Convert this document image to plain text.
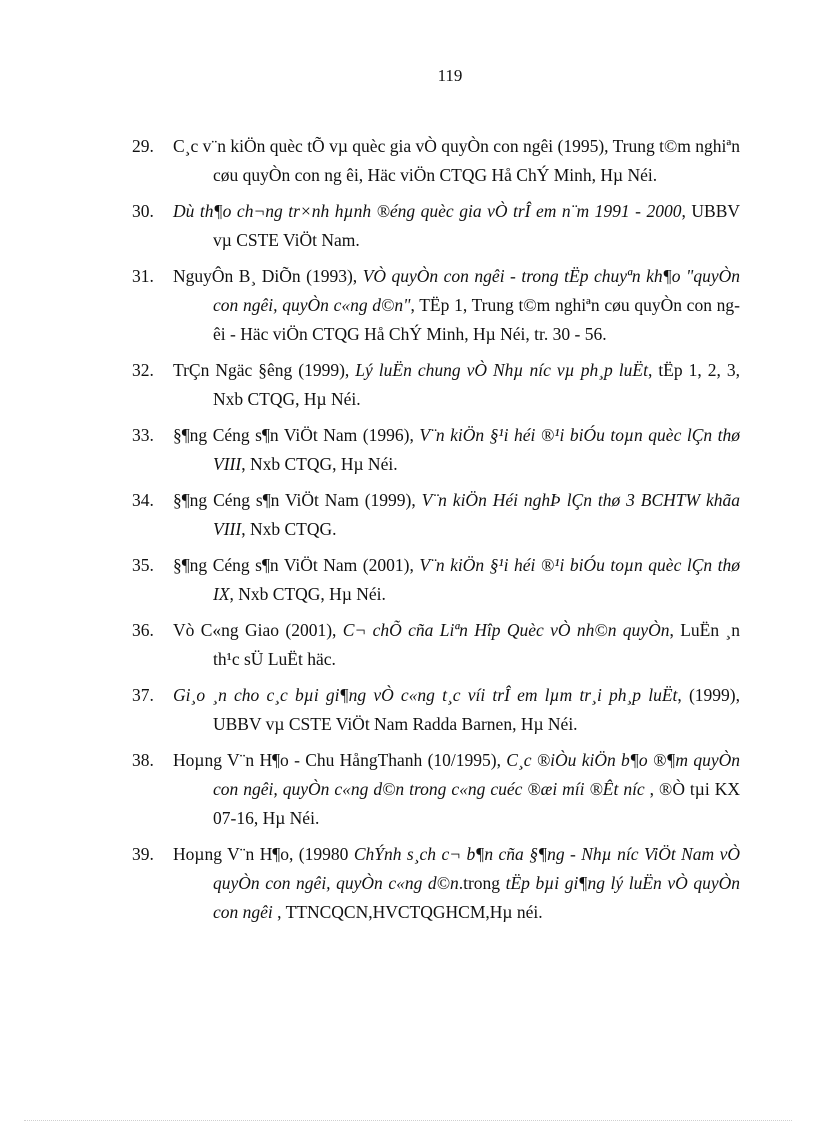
119
29.	C¸c v¨n kiÖn quèc tÕ vµ quèc gia vÒ quyÒn con ngêi (1995), Trung t©m nghiªn cøu quyÒn con ng êi, Häc viÖn CTQG Hå ChÝ Minh, Hµ Néi.
30.	Dù th¶o ch¬ng tr×nh hµnh ®éng quèc gia vÒ trÎ em n¨m 1991 - 2000, UBBV vµ CSTE ViÖt Nam.
31.	NguyÔn B¸ DiÕn (1993), VÒ quyÒn con ngêi - trong tËp chuyªn kh¶o "quyÒn con ngêi, quyÒn c«ng d©n", TËp 1, Trung t©m nghiªn cøu quyÒn con ng êi - Häc viÖn CTQG Hå ChÝ Minh, Hµ Néi, tr. 30 - 56.
32.	TrÇn Ngäc §êng (1999), Lý luËn chung vÒ Nhµ níc vµ ph¸p luËt, tËp 1, 2, 3, Nxb CTQG, Hµ Néi.
33.	§¶ng Céng s¶n ViÖt Nam (1996), V¨n kiÖn §¹i héi ®¹i biÓu toµn quèc lÇn thø VIII, Nxb CTQG, Hµ Néi.
34.	§¶ng Céng s¶n ViÖt Nam (1999), V¨n kiÖn Héi nghÞ lÇn thø 3 BCHTW khãa VIII, Nxb CTQG.
35.	§¶ng Céng s¶n ViÖt Nam (2001), V¨n kiÖn §¹i héi ®¹i biÓu toµn quèc lÇn thø IX, Nxb CTQG, Hµ Néi.
36.	Vò C«ng Giao (2001), C¬ chÕ cña Liªn Hîp Quèc vÒ nh©n quyÒn, LuËn ¸n th¹c sÜ LuËt häc.
37.	Gi¸o ¸n cho c¸c bµi gi¶ng vÒ c«ng t¸c víi trÎ em lµm tr¸i ph¸p luËt, (1999), UBBV vµ CSTE ViÖt Nam Radda Barnen, Hµ Néi.
38.	Hoµng V¨n H¶o - Chu HångThanh (10/1995), C¸c ®iÒu kiÖn b¶o ®¶m quyÒn con ngêi, quyÒn c«ng d©n trong c«ng cuéc ®æi míi ®Êt níc , ®Ò tµi KX 07-16, Hµ Néi.
39.	Hoµng V¨n H¶o, (19980 ChÝnh s¸ch c¬ b¶n cña §¶ng - Nhµ níc ViÖt Nam vÒ quyÒn con ngêi, quyÒn c«ng d©n.trong tËp bµi gi¶ng lý luËn vÒ quyÒn con ngêi , TTNCQCN,HVCTQGHCM,Hµ néi.
